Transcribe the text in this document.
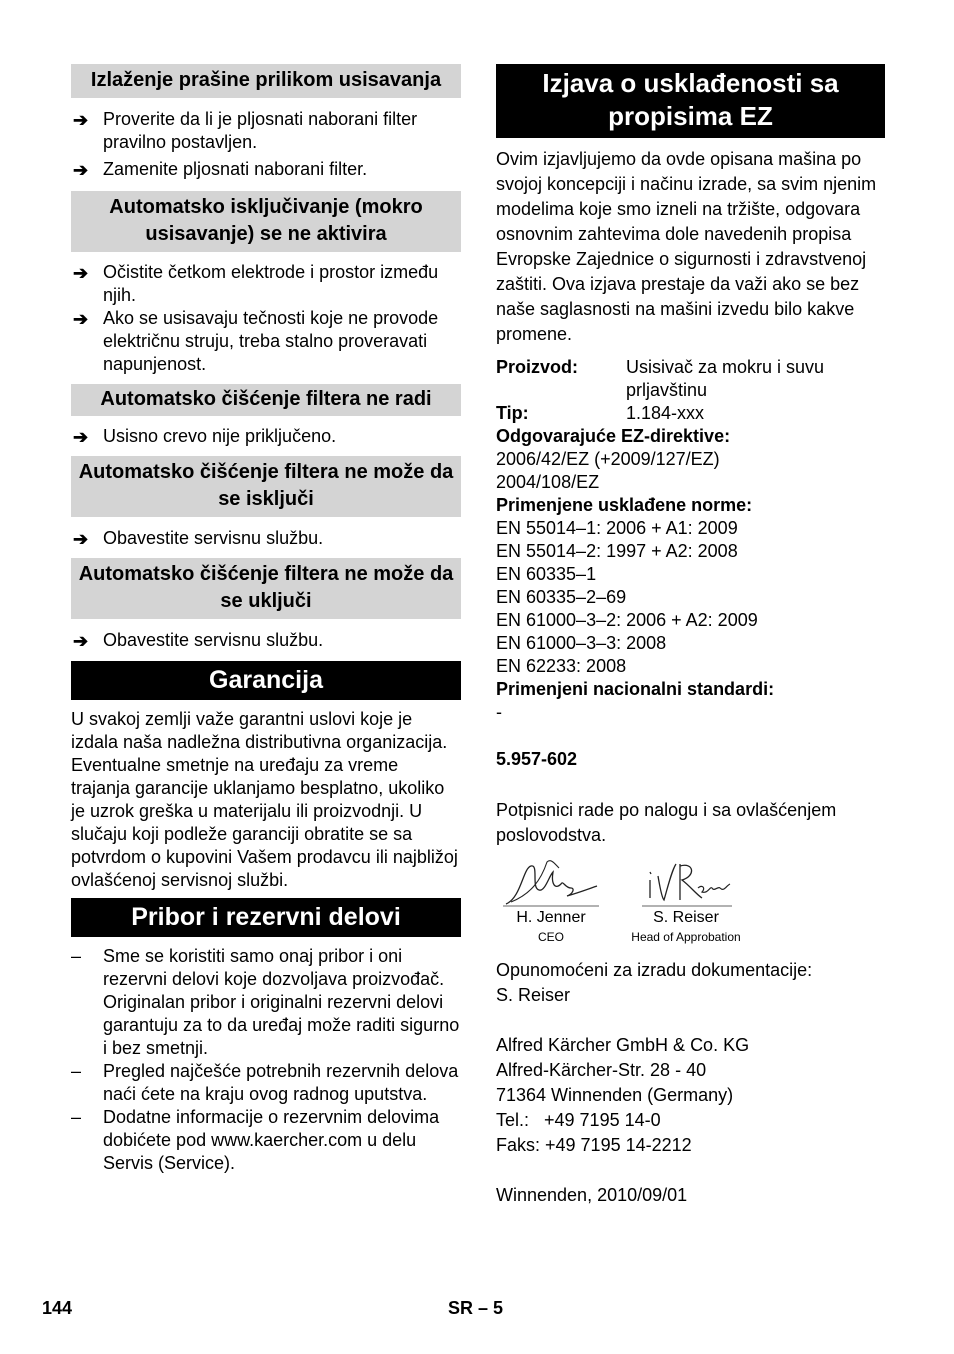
Izlaženje prašine prilikom usisavanja
➔ Proverite da li je pljosnati naborani filter pravilno postavljen.
➔ Zamenite pljosnati naborani filter.
Automatsko isključivanje (mokro usisavanje) se ne aktivira
➔ Očistite četkom elektrode i prostor između njih.
➔ Ako se usisavaju tečnosti koje ne provode električnu struju, treba stalno proveravati napunjenost.
Automatsko čišćenje filtera ne radi
➔ Usisno crevo nije priključeno.
Automatsko čišćenje filtera ne može da se isključi
➔ Obavestite servisnu službu.
Automatsko čišćenje filtera ne može da se uključi
➔ Obavestite servisnu službu.
Garancija

U svakoj zemlji važe garantni uslovi koje je izdala naša nadležna distributivna organizacija. Eventualne smetnje na uređaju za vreme trajanja garancije uklanjamo besplatno, ukoliko je uzrok greška u materijalu ili proizvodnji. U slučaju koji podleže garanciji obratite se sa potvrdom o kupovini Vašem prodavcu ili najbližoj ovlašćenoj servisnoj službi.

Pribor i rezervni delovi
– Sme se koristiti samo onaj pribor i oni rezervni delovi koje dozvoljava proizvođač. Originalan pribor i originalni rezervni delovi garantuju za to da uređaj može raditi sigurno i bez smetnji.
– Pregled najčešće potrebnih rezervnih delova naći ćete na kraju ovog radnog uputstva.
– Dodatne informacije o rezervnim delovima dobićete pod www.kaercher.com u delu Servis (Service).
Izjava o usklađenosti sa propisima EZ

Ovim izjavljujemo da ovde opisana mašina po svojoj koncepciji i načinu izrade, sa svim njenim modelima koje smo izneli na tržište, odgovara osnovnim zahtevima dole navedenih propisa Evropske Zajednice o sigurnosti i zdravstvenoj zaštiti. Ova izjava prestaje da važi ako se bez naše saglasnosti na mašini izvedu bilo kakve promene.

Proizvod:	Usisivač za mokru i suvu prljavštinu
Tip:	1.184-xxx
Odgovarajuće EZ-direktive:
2006/42/EZ (+2009/127/EZ)
2004/108/EZ
Primenjene usklađene norme:
EN 55014–1: 2006 + A1: 2009
EN 55014–2: 1997 + A2: 2008
EN 60335–1
EN 60335–2–69
EN 61000–3–2: 2006 + A2: 2009
EN 61000–3–3: 2008
EN 62233: 2008
Primenjeni nacionalni standardi:
-
5.957-602

Potpisnici rade po nalogu i sa ovlašćenjem poslovodstva.

H. Jenner
CEO
S. Reiser
Head of Approbation
Opunomoćeni za izradu dokumentacije:
S. Reiser
Alfred Kärcher GmbH & Co. KG
Alfred-Kärcher-Str. 28 - 40
71364 Winnenden (Germany)
Tel.:   +49 7195 14-0
Faks: +49 7195 14-2212
Winnenden, 2010/09/01
144	SR – 5
